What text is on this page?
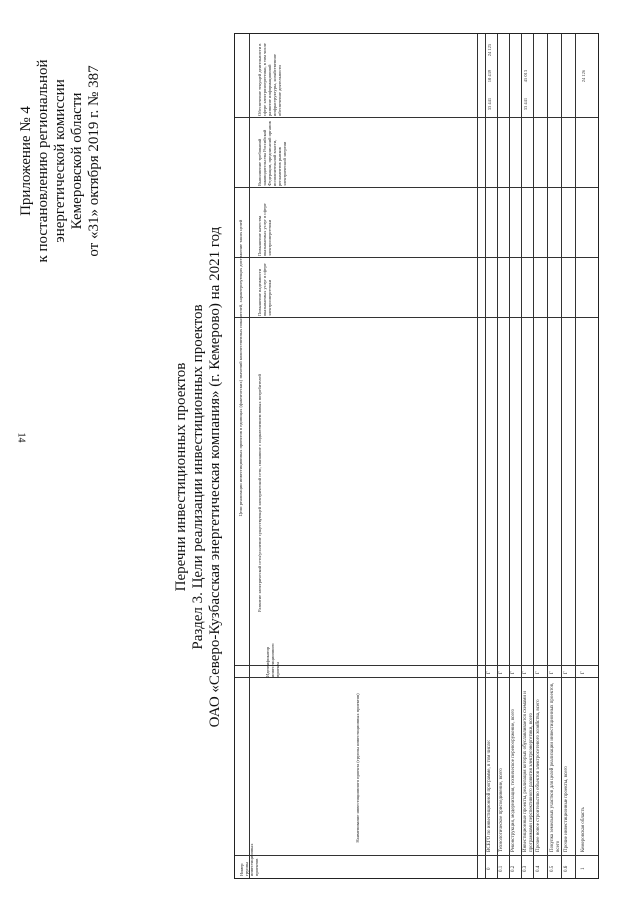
14
Приложение № 4 к постановлению региональной энергетической комиссии Кемеровской области от «31» октября 2019 г. № 387
Перечни инвестиционных проектов Раздел 3. Цели реализации инвестиционных проектов ОАО «Северо-Кузбасская энергетическая компания» (г. Кемерово) на 2021 год
Номер группы инвестиционных проектов
Наименование инвестиционного проекта (группы инвестиционных проектов)
Идентификатор инвестиционного проекта
Цели реализации инвестиционных проектов в единицах (фактических) значений количественных показателей, характеризующих достижение таких целей	Развитие электрической сети/усиление существующей электрической сети, связанное с подключением новых потребителей
Повышение надежности оказываемых услуг в сфере электроэнергетики
Повышение качества оказываемых услуг в сфере электроэнергетики
Выполнение требований законодательства Российской Федерации, предписаний органов исполнительной власти, регламентов рынков электрической энергии
Обеспечение текущей деятельности в сфере электроэнергетики, в том числе развитие информационной инфраструктуры, хозяйственное обеспечение деятельности
0
ВСЕГО по инвестиционной программе, в том числе:
Г
0.1
Технологическое присоединение, всего
Г
0.2
Реконструкция, модернизация, техническое перевооружение, всего
Г
0.3
Инвестиционные проекты, реализация которых обуславливается схемами и программами перспективного развития электроэнергетики, всего
Г
0.4
Прочее новое строительство объектов электросетевого хозяйства, всего
Г
0.5
Покупка земельных участков для целей реализации инвестиционных проектов, всего
Г
0.6
Прочие инвестиционные проекты, всего
Г
1
Кемеровская область
Г
33 441
10 439
24 125
33 441
45 013	24 126
